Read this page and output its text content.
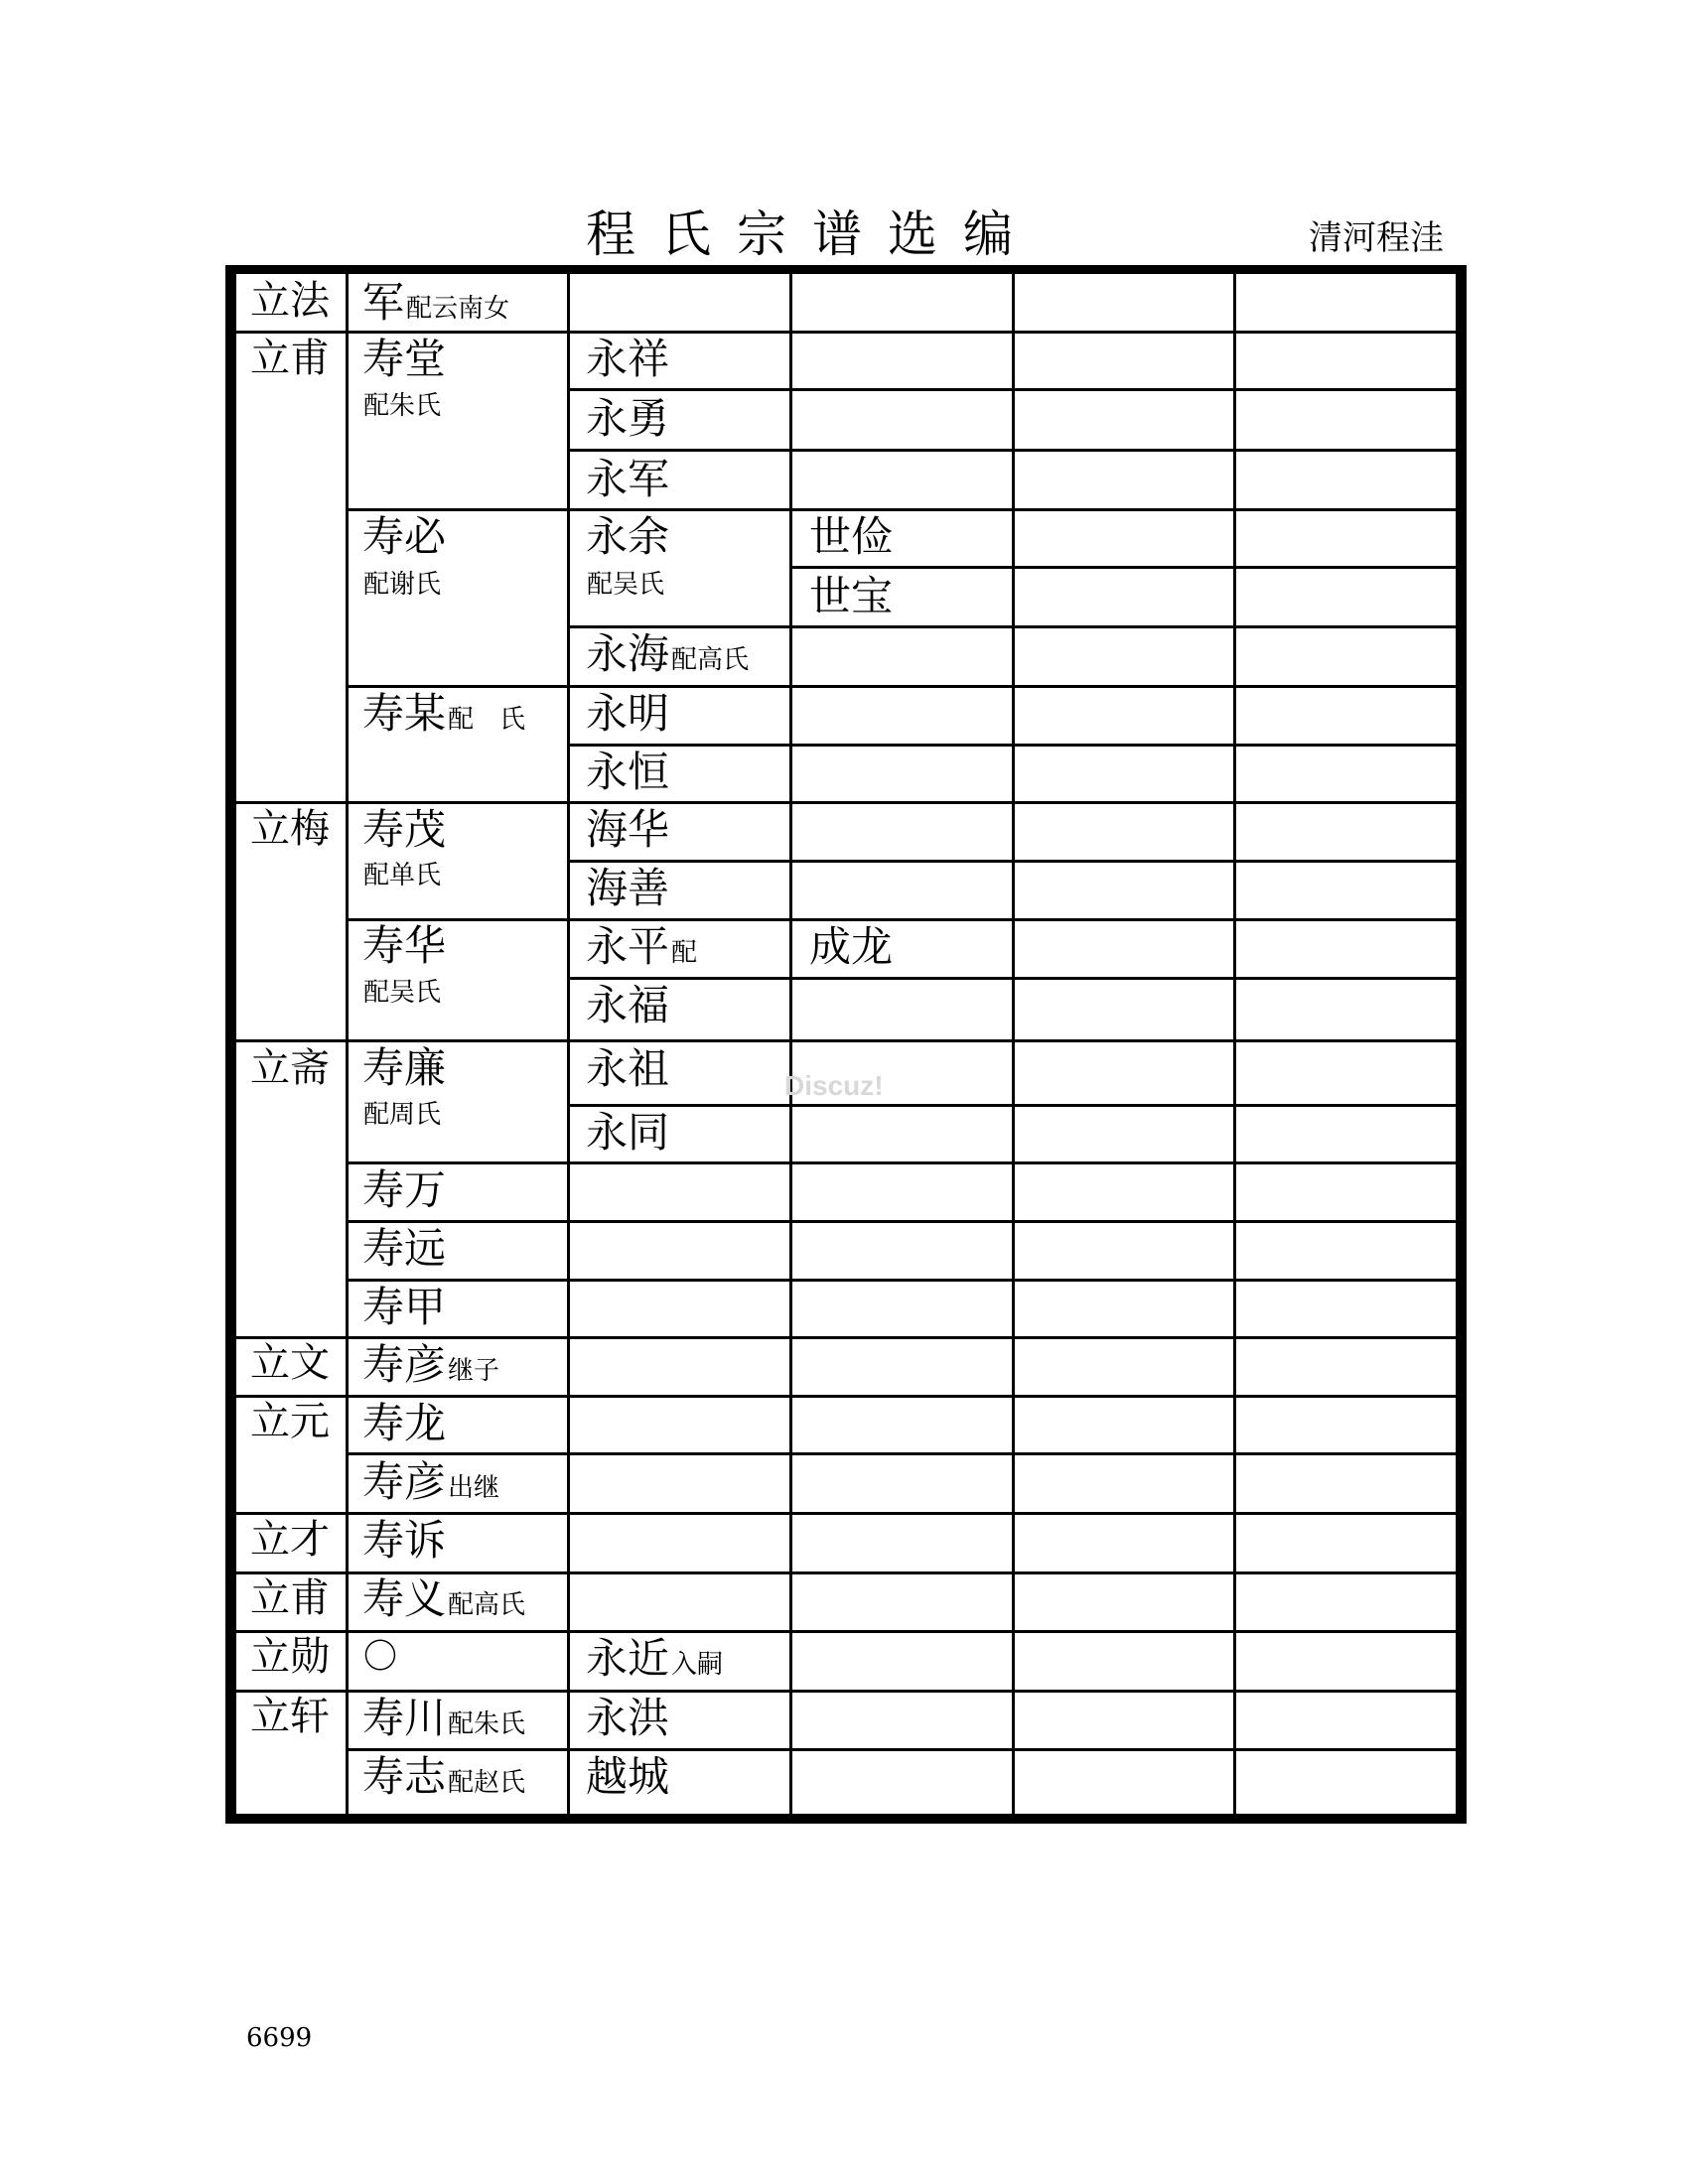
程氏宗谱选编	清河程洼
立法
立甫
立梅
立斋
立文
立元
立才
立甫
立勋
立轩
军配云南女
寿堂
配朱氏
寿必
配谢氏
寿某配　氏
寿茂
配单氏
寿华
配吴氏
寿廉
配周氏
寿万
寿远
寿甲
寿彦继子
寿龙
寿彦出继
寿诉
寿义配高氏
〇
寿川配朱氏
寿志配赵氏
永祥
永勇
永军
永余
配吴氏
永海配高氏
永明
永恒
海华
海善
永平配
永福
永祖
永同
永近入嗣
永洪
越城
世俭
世宝
成龙
Discuz!
6699
